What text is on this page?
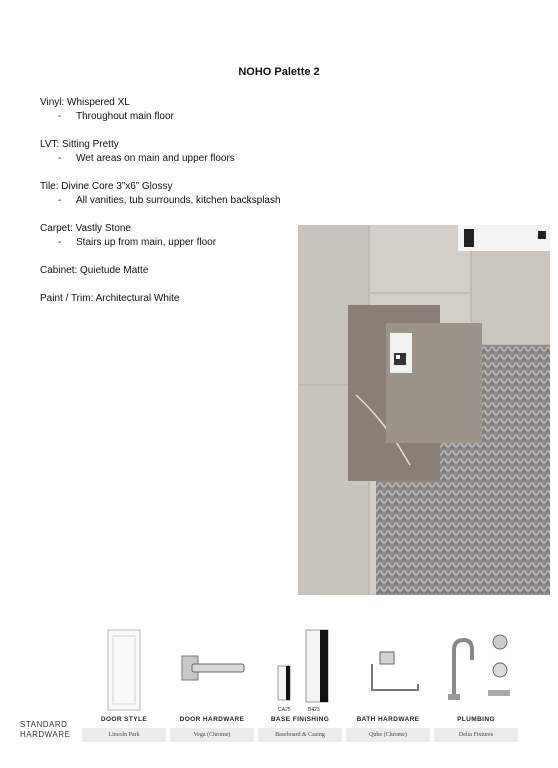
NOHO Palette 2
Vinyl: Whispered XL
- Throughout main floor
LVT: Sitting Pretty
- Wet areas on main and upper floors
Tile: Divine Core 3”x6” Glossy
- All vanities, tub surrounds, kitchen backsplash
Carpet: Vastly Stone
- Stairs up from main, upper floor
Cabinet: Quietude Matte
Paint / Trim: Architectural White
STANDARD
HARDWARE
DOOR STYLE
Lincoln Park
DOOR HARDWARE
Vega (Chrome)
CA25	B423
BASE FINISHING
Baseboard & Casing
BATH HARDWARE
Qube (Chrome)
PLUMBING
Delta Fixtures
